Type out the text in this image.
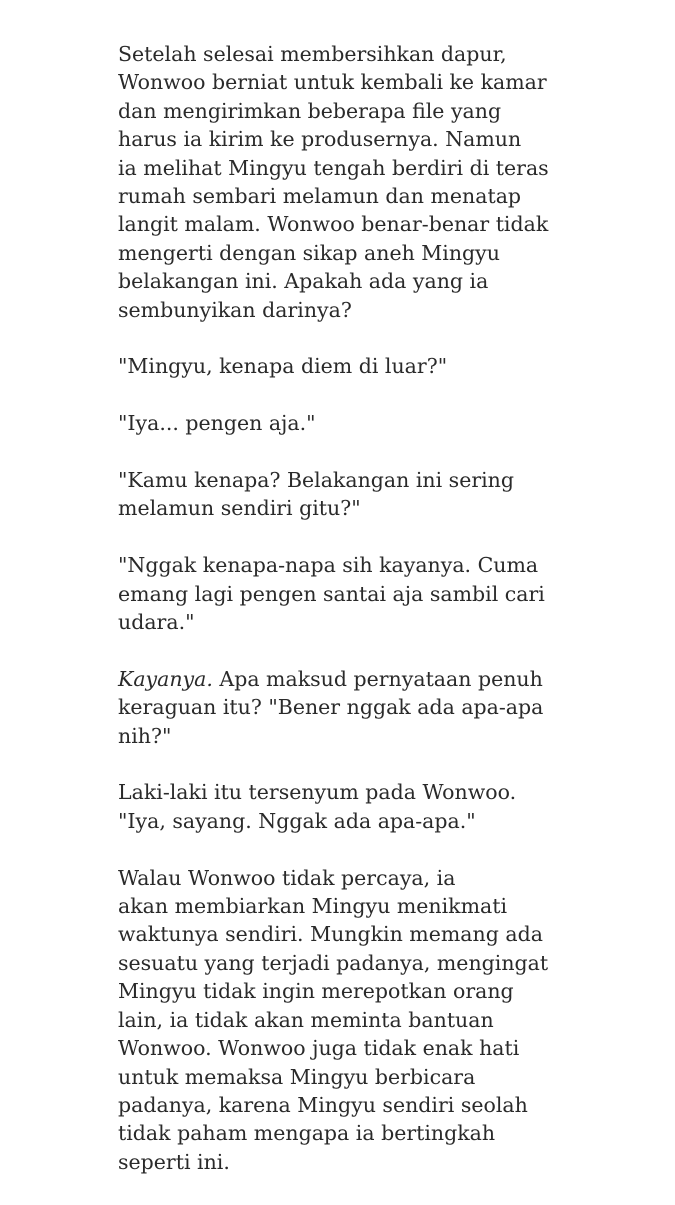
Setelah selesai membersihkan dapur,
Wonwoo berniat untuk kembali ke kamar
dan mengirimkan beberapa file yang
harus ia kirim ke produsernya. Namun
ia melihat Mingyu tengah berdiri di teras
rumah sembari melamun dan menatap
langit malam. Wonwoo benar-benar tidak
mengerti dengan sikap aneh Mingyu
belakangan ini. Apakah ada yang ia
sembunyikan darinya?

"Mingyu, kenapa diem di luar?"

"Iya... pengen aja."

"Kamu kenapa? Belakangan ini sering
melamun sendiri gitu?"

"Nggak kenapa-napa sih kayanya. Cuma
emang lagi pengen santai aja sambil cari
udara."

Kayanya. Apa maksud pernyataan penuh
keraguan itu? "Bener nggak ada apa-apa
nih?"

Laki-laki itu tersenyum pada Wonwoo.
"Iya, sayang. Nggak ada apa-apa."

Walau Wonwoo tidak percaya, ia
akan membiarkan Mingyu menikmati
waktunya sendiri. Mungkin memang ada
sesuatu yang terjadi padanya, mengingat
Mingyu tidak ingin merepotkan orang
lain, ia tidak akan meminta bantuan
Wonwoo. Wonwoo juga tidak enak hati
untuk memaksa Mingyu berbicara
padanya, karena Mingyu sendiri seolah
tidak paham mengapa ia bertingkah
seperti ini.
